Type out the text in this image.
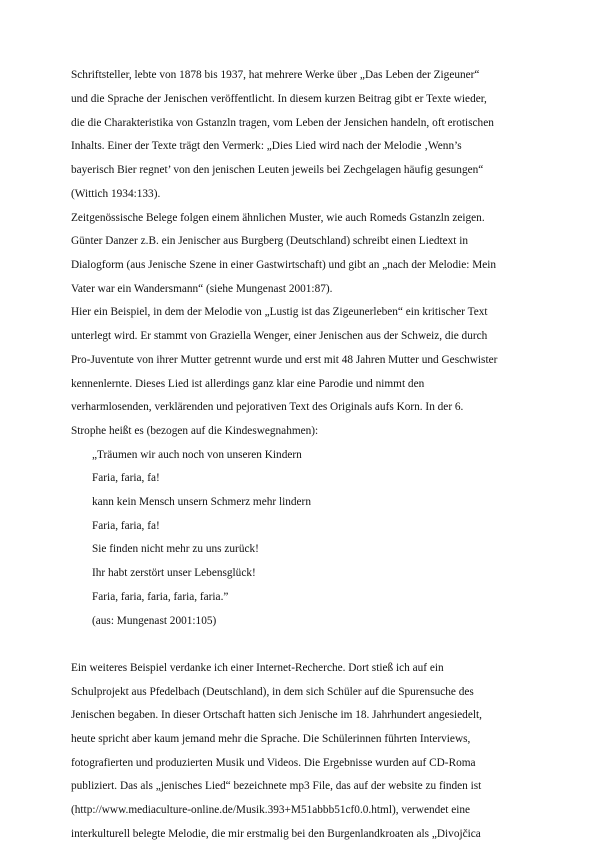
Schriftsteller, lebte von 1878 bis 1937, hat mehrere Werke über „Das Leben der Zigeuner“
und die Sprache der Jenischen veröffentlicht. In diesem kurzen Beitrag gibt er Texte wieder,
die die Charakteristika von Gstanzln tragen, vom Leben der Jensichen handeln, oft erotischen
Inhalts. Einer der Texte trägt den Vermerk: „Dies Lied wird nach der Melodie ‚Wenn’s
bayerisch Bier regnet’ von den jenischen Leuten jeweils bei Zechgelagen häufig gesungen“
(Wittich 1934:133).
Zeitgenössische Belege folgen einem ähnlichen Muster, wie auch Romeds Gstanzln zeigen.
Günter Danzer z.B. ein Jenischer aus Burgberg (Deutschland) schreibt einen Liedtext in
Dialogform (aus Jenische Szene in einer Gastwirtschaft) und gibt an „nach der Melodie: Mein
Vater war ein Wandersmann“ (siehe Mungenast 2001:87).
Hier ein Beispiel, in dem der Melodie von „Lustig ist das Zigeunerleben“ ein kritischer Text
unterlegt wird. Er stammt von Graziella Wenger, einer Jenischen aus der Schweiz, die durch
Pro-Juventute von ihrer Mutter getrennt wurde und erst mit 48 Jahren Mutter und Geschwister
kennenlernte. Dieses Lied ist allerdings ganz klar eine Parodie und nimmt den
verharmlosenden, verklärenden und pejorativen Text des Originals aufs Korn. In der 6.
Strophe heißt es (bezogen auf die Kindeswegnahmen):
„Träumen wir auch noch von unseren Kindern
Faria, faria, fa!
kann kein Mensch unsern Schmerz mehr lindern
Faria, faria, fa!
Sie finden nicht mehr zu uns zurück!
Ihr habt zerstört unser Lebensglück!
Faria, faria, faria, faria, faria.”
(aus: Mungenast 2001:105)
Ein weiteres Beispiel verdanke ich einer Internet-Recherche. Dort stieß ich auf ein
Schulprojekt aus Pfedelbach (Deutschland), in dem sich Schüler auf die Spurensuche des
Jenischen begaben. In dieser Ortschaft hatten sich Jenische im 18. Jahrhundert angesiedelt,
heute spricht aber kaum jemand mehr die Sprache. Die Schülerinnen führten Interviews,
fotografierten und produzierten Musik und Videos. Die Ergebnisse wurden auf CD-Roma
publiziert. Das als „jenisches Lied“ bezeichnete mp3 File, das auf der website zu finden ist
(http://www.mediaculture-online.de/Musik.393+M51abbb51cf0.0.html), verwendet eine
interkulturell belegte Melodie, die mir erstmalig bei den Burgenlandkroaten als „Divojčica
